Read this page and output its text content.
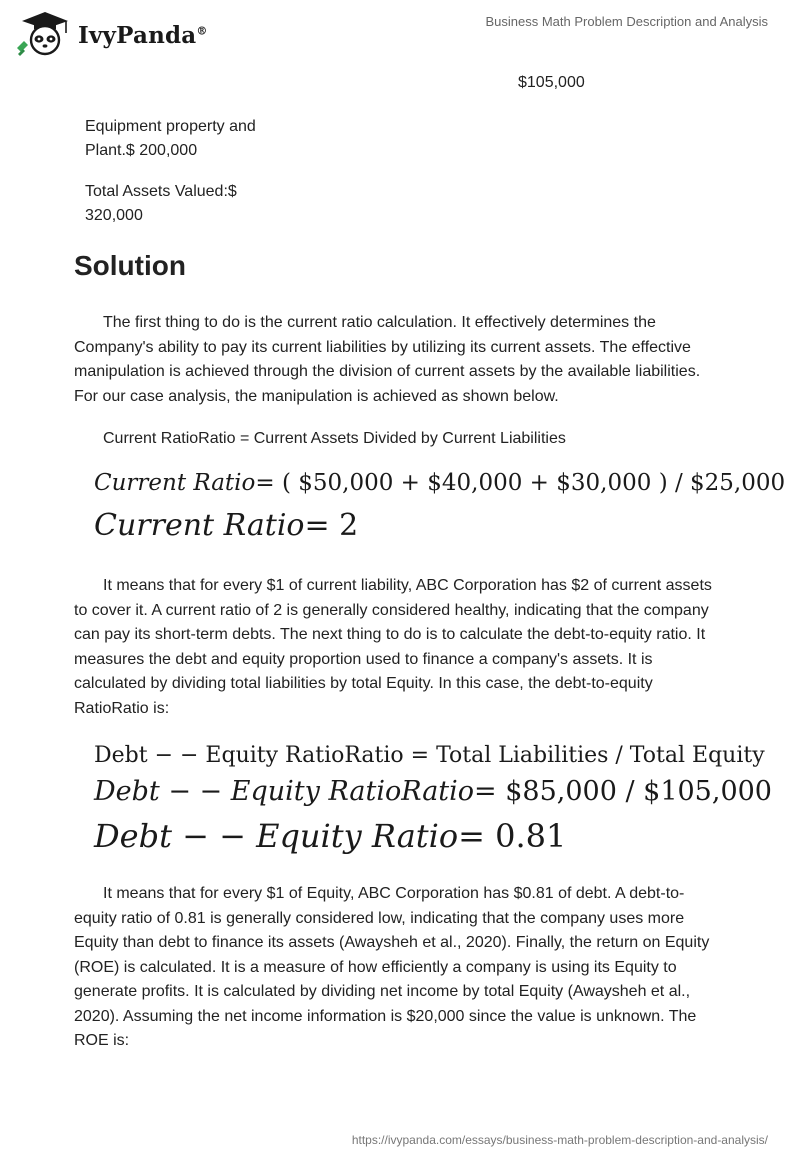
IvyPanda®
Business Math Problem Description and Analysis
$105,000
Equipment property and Plant.$ 200,000
Total Assets Valued:$ 320,000
Solution

The first thing to do is the current ratio calculation. It effectively determines the Company's ability to pay its current liabilities by utilizing its current assets. The effective manipulation is achieved through the division of current assets by the available liabilities. For our case analysis, the manipulation is achieved as shown below.

Current RatioRatio = Current Assets Divided by Current Liabilities
Current Ratio= ( $50,000 + $40,000 + $30,000 ) / $25,000
Current Ratio= 2

It means that for every $1 of current liability, ABC Corporation has $2 of current assets to cover it. A current ratio of 2 is generally considered healthy, indicating that the company can pay its short-term debts. The next thing to do is to calculate the debt-to-equity ratio. It measures the debt and equity proportion used to finance a company's assets. It is calculated by dividing total liabilities by total Equity. In this case, the debt-to-equity RatioRatio is:

Debt − − Equity RatioRatio = Total Liabilities / Total Equity
Debt − − Equity RatioRatio= $85,000 / $105,000
Debt − − Equity Ratio= 0.81

It means that for every $1 of Equity, ABC Corporation has $0.81 of debt. A debt-to-equity ratio of 0.81 is generally considered low, indicating that the company uses more Equity than debt to finance its assets (Awaysheh et al., 2020). Finally, the return on Equity (ROE) is calculated. It is a measure of how efficiently a company is using its Equity to generate profits. It is calculated by dividing net income by total Equity (Awaysheh et al., 2020). Assuming the net income information is $20,000 since the value is unknown. The ROE is:

https://ivypanda.com/essays/business-math-problem-description-and-analysis/
